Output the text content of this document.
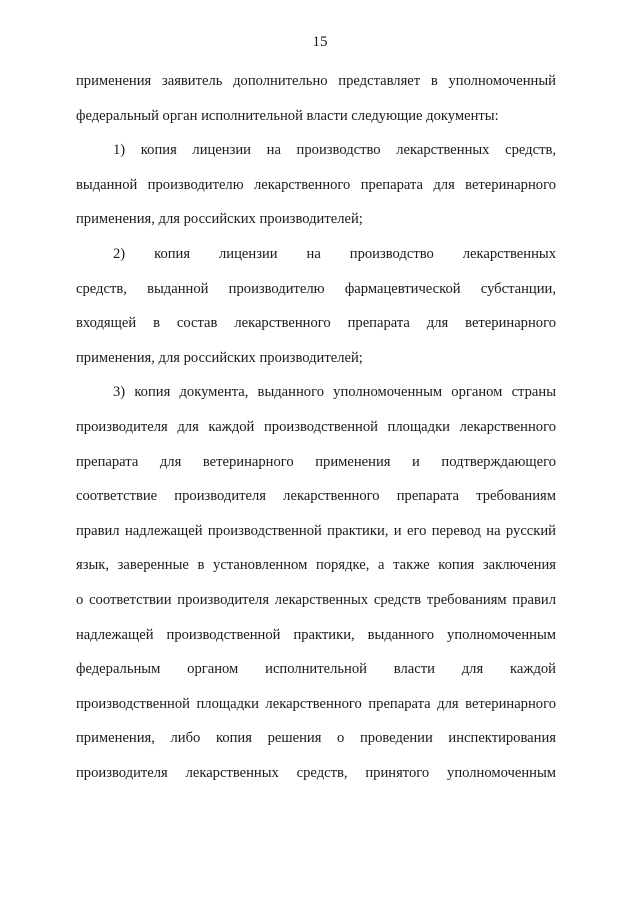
15
применения заявитель дополнительно представляет в уполномоченный
федеральный орган исполнительной власти следующие документы:
1) копия лицензии на производство лекарственных средств,
выданной производителю лекарственного препарата для ветеринарного
применения, для российских производителей;
2) копия лицензии на производство лекарственных
средств, выданной производителю фармацевтической субстанции,
входящей в состав лекарственного препарата для ветеринарного
применения, для российских производителей;
3) копия документа, выданного уполномоченным органом страны
производителя для каждой производственной площадки лекарственного
препарата для ветеринарного применения и подтверждающего
соответствие производителя лекарственного препарата требованиям
правил надлежащей производственной практики, и его перевод на русский
язык, заверенные в установленном порядке, а также копия заключения
о соответствии производителя лекарственных средств требованиям правил
надлежащей производственной практики, выданного уполномоченным
федеральным органом исполнительной власти для каждой
производственной площадки лекарственного препарата для ветеринарного
применения, либо копия решения о проведении инспектирования
производителя лекарственных средств, принятого уполномоченным
